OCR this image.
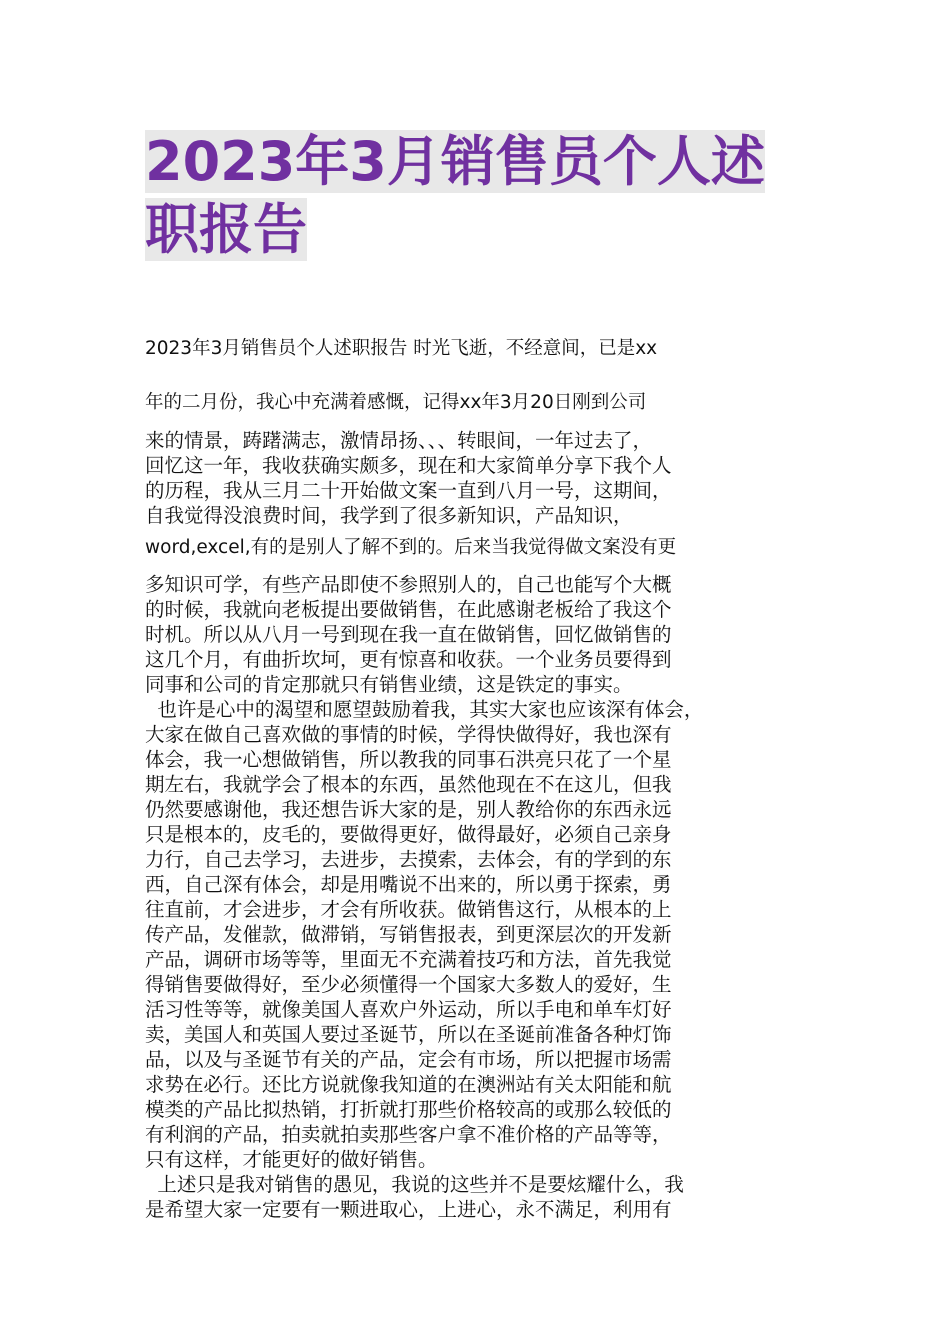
2023年3月销售员个人述
职报告
2023年3月销售员个人述职报告 时光飞逝，不经意间，已是xx
年的二月份，我心中充满着感慨，记得xx年3月20日刚到公司
来的情景，踌躇满志，激情昂扬、、、转眼间，一年过去了，
回忆这一年，我收获确实颇多，现在和大家简单分享下我个人
的历程，我从三月二十开始做文案一直到八月一号，这期间，
自我觉得没浪费时间，我学到了很多新知识，产品知识，
word,excel,有的是别人了解不到的。后来当我觉得做文案没有更
多知识可学，有些产品即使不参照别人的，自己也能写个大概
的时候，我就向老板提出要做销售，在此感谢老板给了我这个
时机。所以从八月一号到现在我一直在做销售，回忆做销售的
这几个月，有曲折坎坷，更有惊喜和收获。一个业务员要得到
同事和公司的肯定那就只有销售业绩，这是铁定的事实。
也许是心中的渴望和愿望鼓励着我，其实大家也应该深有体会，
大家在做自己喜欢做的事情的时候，学得快做得好，我也深有
体会，我一心想做销售，所以教我的同事石洪亮只花了一个星
期左右，我就学会了根本的东西，虽然他现在不在这儿，但我
仍然要感谢他，我还想告诉大家的是，别人教给你的东西永远
只是根本的，皮毛的，要做得更好，做得最好，必须自己亲身
力行，自己去学习，去进步，去摸索，去体会，有的学到的东
西，自己深有体会，却是用嘴说不出来的，所以勇于探索，勇
往直前，才会进步，才会有所收获。做销售这行，从根本的上
传产品，发催款，做滞销，写销售报表，到更深层次的开发新
产品，调研市场等等，里面无不充满着技巧和方法，首先我觉
得销售要做得好，至少必须懂得一个国家大多数人的爱好，生
活习性等等，就像美国人喜欢户外运动，所以手电和单车灯好
卖，美国人和英国人要过圣诞节，所以在圣诞前准备各种灯饰
品，以及与圣诞节有关的产品，定会有市场，所以把握市场需
求势在必行。还比方说就像我知道的在澳洲站有关太阳能和航
模类的产品比拟热销，打折就打那些价格较高的或那么较低的
有利润的产品，拍卖就拍卖那些客户拿不准价格的产品等等，
只有这样，才能更好的做好销售。
上述只是我对销售的愚见，我说的这些并不是要炫耀什么，我
是希望大家一定要有一颗进取心，上进心，永不满足，利用有
